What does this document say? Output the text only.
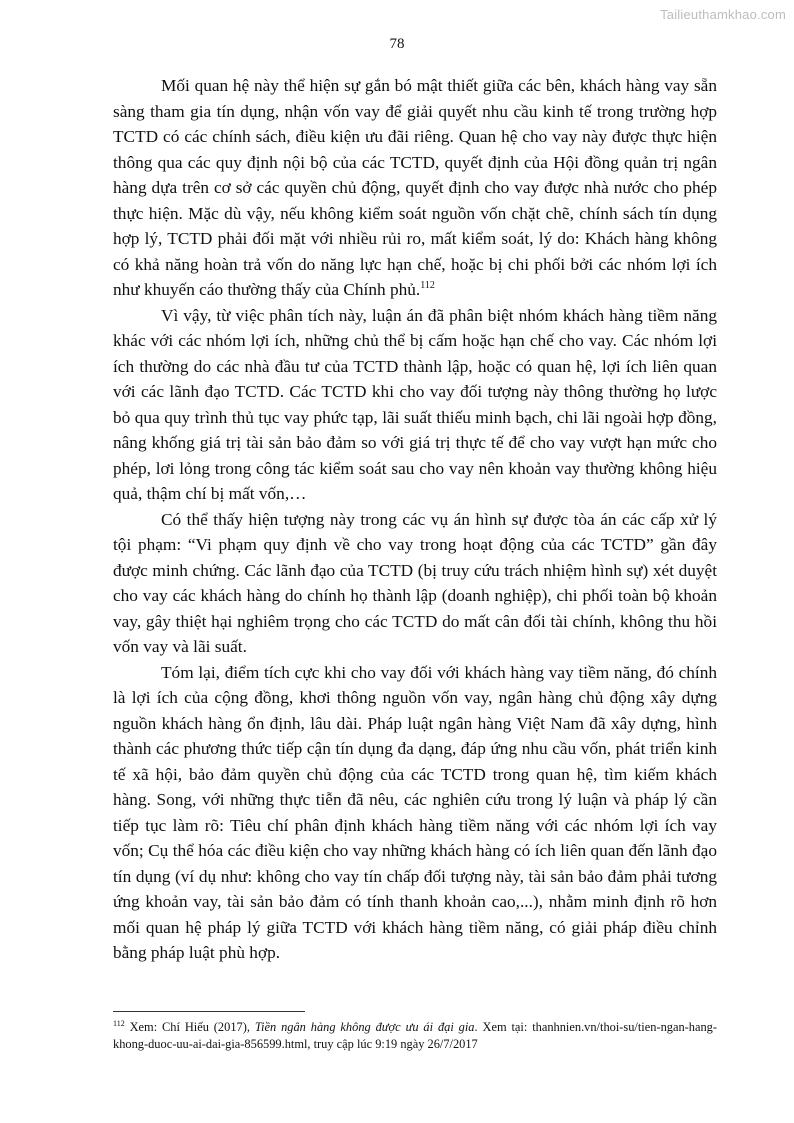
Tailieuthamkhao.com
78

Mối quan hệ này thể hiện sự gắn bó mật thiết giữa các bên, khách hàng vay sẵn sàng tham gia tín dụng, nhận vốn vay để giải quyết nhu cầu kinh tế trong trường hợp TCTD có các chính sách, điều kiện ưu đãi riêng. Quan hệ cho vay này được thực hiện thông qua các quy định nội bộ của các TCTD, quyết định của Hội đồng quản trị ngân hàng dựa trên cơ sở các quyền chủ động, quyết định cho vay được nhà nước cho phép thực hiện. Mặc dù vậy, nếu không kiểm soát nguồn vốn chặt chẽ, chính sách tín dụng hợp lý, TCTD phải đối mặt với nhiều rủi ro, mất kiểm soát, lý do: Khách hàng không có khả năng hoàn trả vốn do năng lực hạn chế, hoặc bị chi phối bởi các nhóm lợi ích như khuyến cáo thường thấy của Chính phủ.$^{112}$

Vì vậy, từ việc phân tích này, luận án đã phân biệt nhóm khách hàng tiềm năng khác với các nhóm lợi ích, những chủ thể bị cấm hoặc hạn chế cho vay. Các nhóm lợi ích thường do các nhà đầu tư của TCTD thành lập, hoặc có quan hệ, lợi ích liên quan với các lãnh đạo TCTD. Các TCTD khi cho vay đối tượng này thông thường họ lược bỏ qua quy trình thủ tục vay phức tạp, lãi suất thiếu minh bạch, chi lãi ngoài hợp đồng, nâng khống giá trị tài sản bảo đảm so với giá trị thực tế để cho vay vượt hạn mức cho phép, lơi lỏng trong công tác kiểm soát sau cho vay nên khoản vay thường không hiệu quả, thậm chí bị mất vốn,…

Có thể thấy hiện tượng này trong các vụ án hình sự được tòa án các cấp xử lý tội phạm: “Vi phạm quy định về cho vay trong hoạt động của các TCTD” gần đây được minh chứng. Các lãnh đạo của TCTD (bị truy cứu trách nhiệm hình sự) xét duyệt cho vay các khách hàng do chính họ thành lập (doanh nghiệp), chi phối toàn bộ khoản vay, gây thiệt hại nghiêm trọng cho các TCTD do mất cân đối tài chính, không thu hồi vốn vay và lãi suất.

Tóm lại, điểm tích cực khi cho vay đối với khách hàng vay tiềm năng, đó chính là lợi ích của cộng đồng, khơi thông nguồn vốn vay, ngân hàng chủ động xây dựng nguồn khách hàng ổn định, lâu dài. Pháp luật ngân hàng Việt Nam đã xây dựng, hình thành các phương thức tiếp cận tín dụng đa dạng, đáp ứng nhu cầu vốn, phát triển kinh tế xã hội, bảo đảm quyền chủ động của các TCTD trong quan hệ, tìm kiếm khách hàng. Song, với những thực tiễn đã nêu, các nghiên cứu trong lý luận và pháp lý cần tiếp tục làm rõ: Tiêu chí phân định khách hàng tiềm năng với các nhóm lợi ích vay vốn; Cụ thể hóa các điều kiện cho vay những khách hàng có ích liên quan đến lãnh đạo tín dụng (ví dụ như: không cho vay tín chấp đối tượng này, tài sản bảo đảm phải tương ứng khoản vay, tài sản bảo đảm có tính thanh khoản cao,...), nhằm minh định rõ hơn mối quan hệ pháp lý giữa TCTD với khách hàng tiềm năng, có giải pháp điều chỉnh bằng pháp luật phù hợp.

$^{112}$ Xem: Chí Hiếu (2017), Tiền ngân hàng không được ưu ái đại gia. Xem tại: thanhnien.vn/thoi-su/tien-ngan-hang-khong-duoc-uu-ai-dai-gia-856599.html, truy cập lúc 9:19 ngày 26/7/2017
